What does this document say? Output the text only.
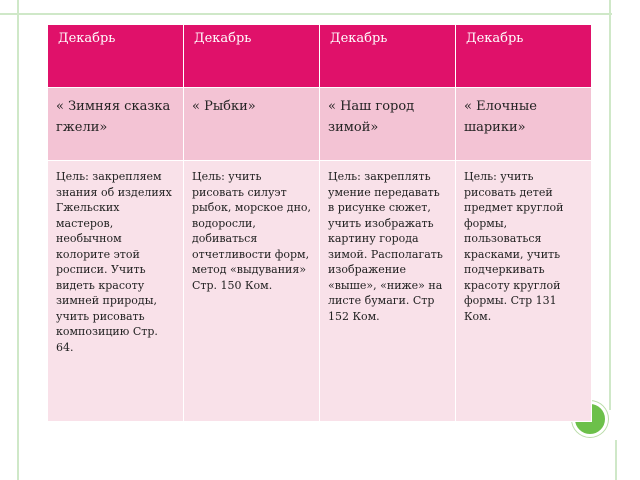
Декабрь	Декабрь	Декабрь	Декабрь
« Зимняя сказка гжели»	« Рыбки»	« Наш город зимой»	« Елочные шарики»
Цель: закрепляем знания об изделиях Гжельских мастеров, необычном колорите этой росписи. Учить видеть красоту зимней природы, учить рисовать композицию Стр. 64.	Цель: учить рисовать силуэт рыбок, морское дно, водоросли, добиваться отчетливости форм, метод «выдувания» Стр. 150 Ком.	Цель: закреплять умение передавать в рисунке сюжет, учить изображать картину города зимой. Располагать изображение «выше», «ниже» на листе бумаги. Стр 152 Ком.	Цель: учить рисовать детей предмет круглой формы, пользоваться красками, учить подчеркивать красоту круглой формы. Стр 131 Ком.
